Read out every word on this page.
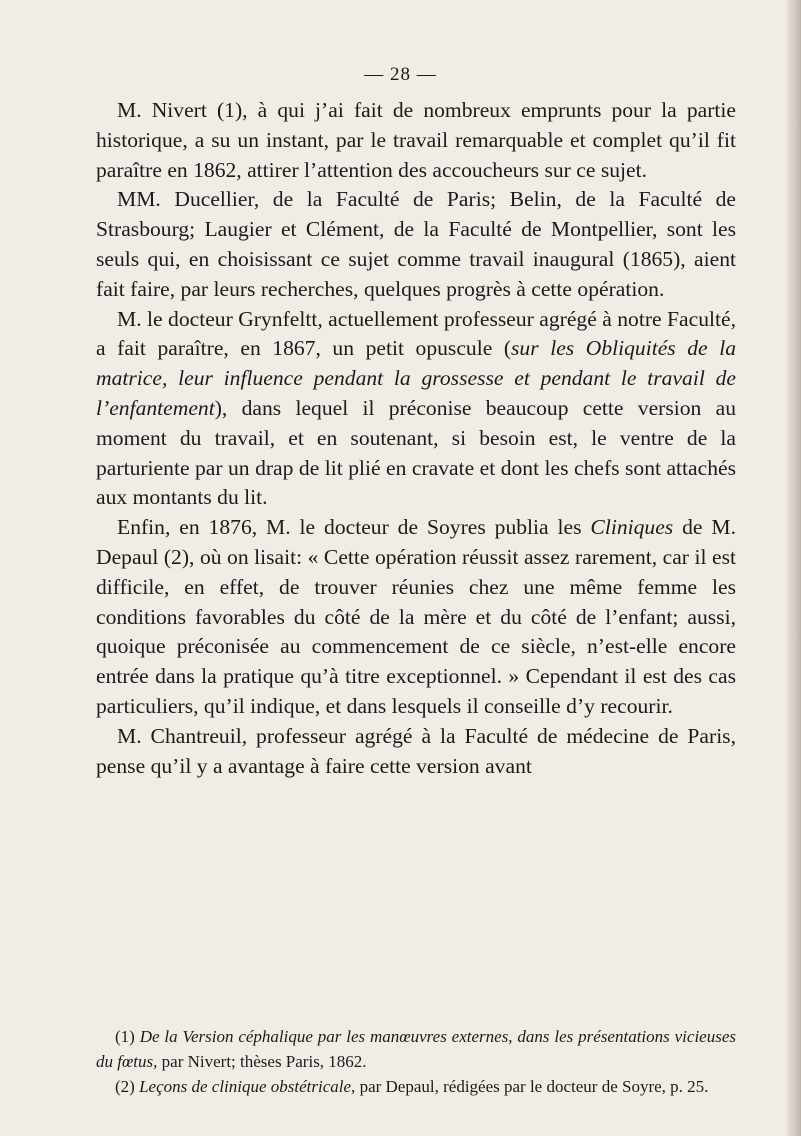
— 28 —

M. Nivert (1), à qui j’ai fait de nombreux emprunts pour la partie historique, a su un instant, par le travail remarquable et complet qu’il fit paraître en 1862, attirer l’attention des accoucheurs sur ce sujet.

MM. Ducellier, de la Faculté de Paris; Belin, de la Faculté de Strasbourg; Laugier et Clément, de la Faculté de Montpellier, sont les seuls qui, en choisissant ce sujet comme travail inaugural (1865), aient fait faire, par leurs recherches, quelques progrès à cette opération.

M. le docteur Grynfeltt, actuellement professeur agrégé à notre Faculté, a fait paraître, en 1867, un petit opuscule (sur les Obliquités de la matrice, leur influence pendant la grossesse et pendant le travail de l’enfantement), dans lequel il préconise beaucoup cette version au moment du travail, et en soutenant, si besoin est, le ventre de la parturiente par un drap de lit plié en cravate et dont les chefs sont attachés aux montants du lit.

Enfin, en 1876, M. le docteur de Soyres publia les Cliniques de M. Depaul (2), où on lisait: « Cette opération réussit assez rarement, car il est difficile, en effet, de trouver réunies chez une même femme les conditions favorables du côté de la mère et du côté de l’enfant; aussi, quoique préconisée au commencement de ce siècle, n’est-elle encore entrée dans la pratique qu’à titre exceptionnel. » Cependant il est des cas particuliers, qu’il indique, et dans lesquels il conseille d’y recourir.

M. Chantreuil, professeur agrégé à la Faculté de médecine de Paris, pense qu’il y a avantage à faire cette version avant

(1) De la Version céphalique par les manœuvres externes, dans les présentations vicieuses du fœtus, par Nivert; thèses Paris, 1862.

(2) Leçons de clinique obstétricale, par Depaul, rédigées par le docteur de Soyre, p. 25.
